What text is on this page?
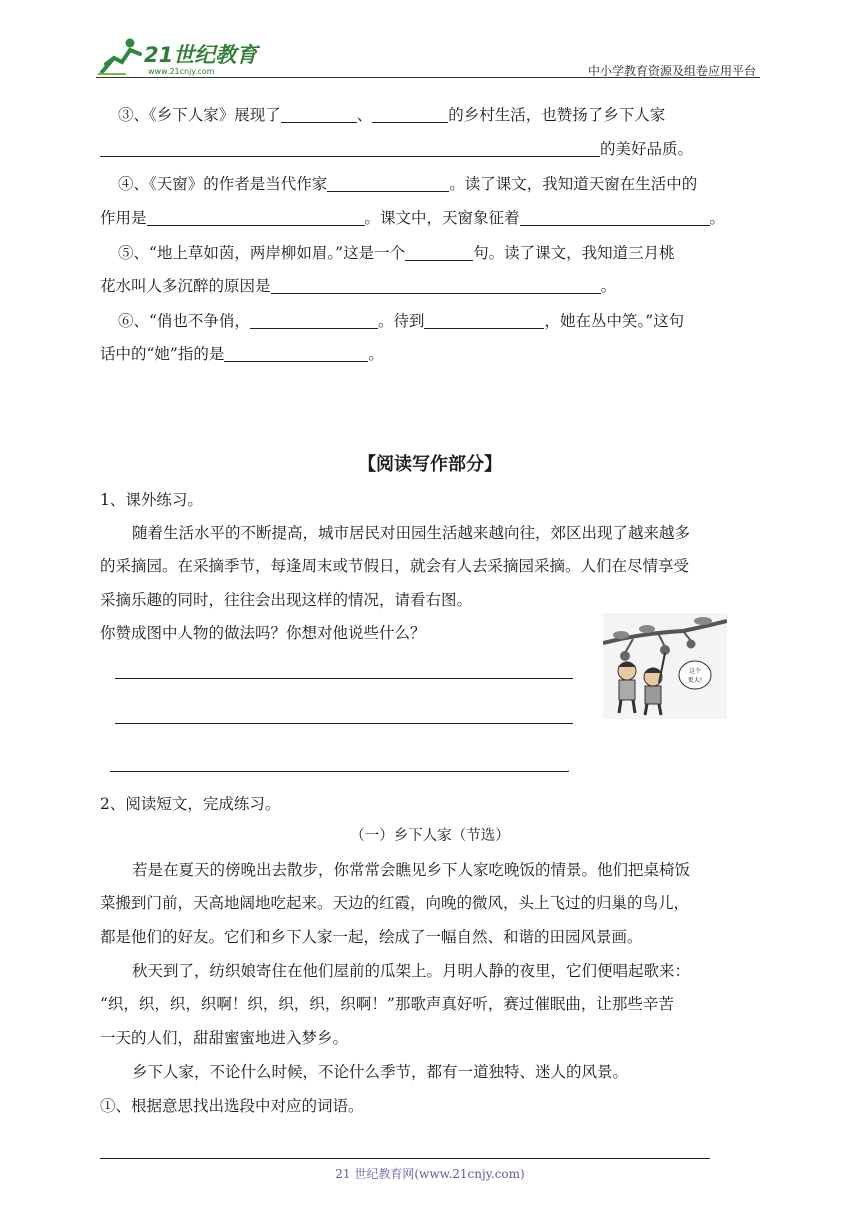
21世纪教育
www.21cnjy.com	中小学教育资源及组卷应用平台
③、《乡下人家》展现了	、	的乡村生活，也赞扬了乡下人家
的美好品质。
④、《天窗》的作者是当代作家	。读了课文，我知道天窗在生活中的
作用是	。课文中，天窗象征着	。
⑤、“地上草如茵，两岸柳如眉。”这是一个	句。读了课文，我知道三月桃
花水叫人多沉醉的原因是	。
⑥、“俏也不争俏，	。待到	，她在丛中笑。”这句
话中的“她”指的是	。
【阅读写作部分】
1、课外练习。
随着生活水平的不断提高，城市居民对田园生活越来越向往，郊区出现了越来越多
的采摘园。在采摘季节，每逢周末或节假日，就会有人去采摘园采摘。人们在尽情享受
采摘乐趣的同时，往往会出现这样的情况，请看右图。
你赞成图中人物的做法吗？你想对他说些什么？
这个
更大!
2、阅读短文，完成练习。
（一）乡下人家（节选）
若是在夏天的傍晚出去散步，你常常会瞧见乡下人家吃晚饭的情景。他们把桌椅饭
菜搬到门前，天高地阔地吃起来。天边的红霞，向晚的微风，头上飞过的归巢的鸟儿，
都是他们的好友。它们和乡下人家一起，绘成了一幅自然、和谐的田园风景画。
秋天到了，纺织娘寄住在他们屋前的瓜架上。月明人静的夜里，它们便唱起歌来：
“织，织，织，织啊！织，织，织，织啊！”那歌声真好听，赛过催眠曲，让那些辛苦
一天的人们，甜甜蜜蜜地进入梦乡。
乡下人家，不论什么时候，不论什么季节，都有一道独特、迷人的风景。
①、根据意思找出选段中对应的词语。
21 世纪教育网(www.21cnjy.com)
